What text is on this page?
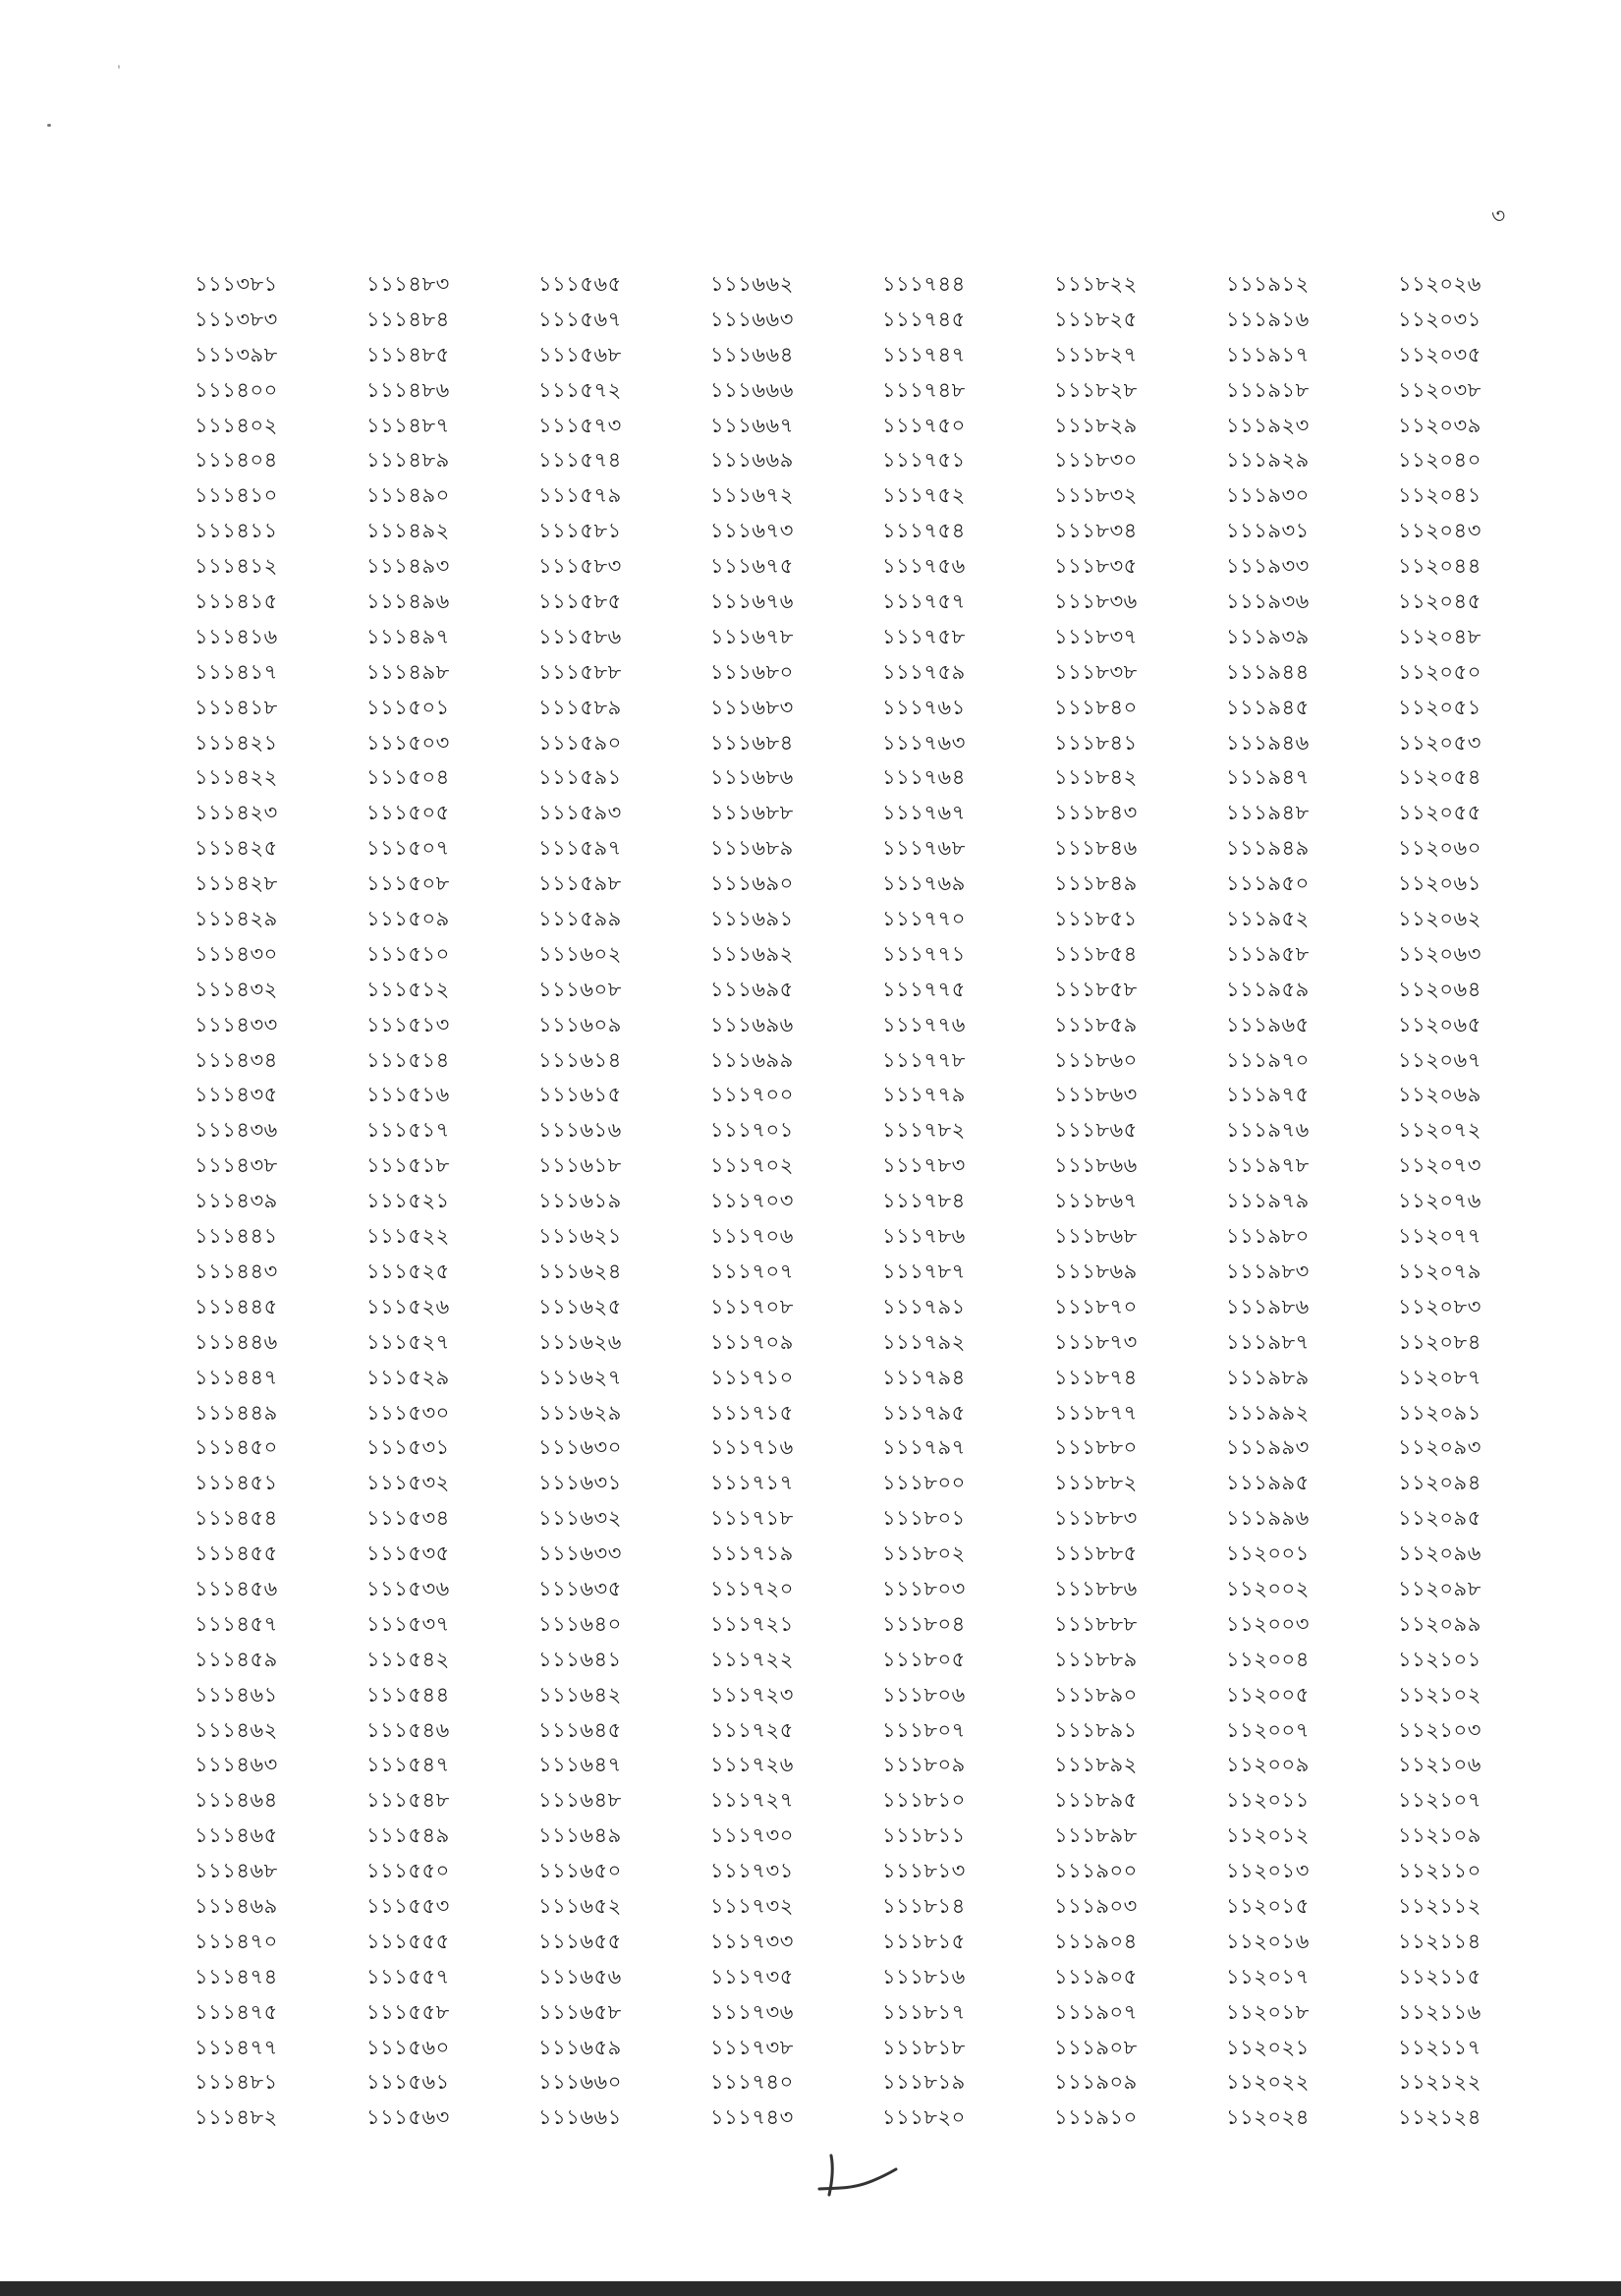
৩
১১১৩৮১
১১১৩৮৩
১১১৩৯৮
১১১৪০০
১১১৪০২
১১১৪০৪
১১১৪১০
১১১৪১১
১১১৪১২
১১১৪১৫
১১১৪১৬
১১১৪১৭
১১১৪১৮
১১১৪২১
১১১৪২২
১১১৪২৩
১১১৪২৫
১১১৪২৮
১১১৪২৯
১১১৪৩০
১১১৪৩২
১১১৪৩৩
১১১৪৩৪
১১১৪৩৫
১১১৪৩৬
১১১৪৩৮
১১১৪৩৯
১১১৪৪১
১১১৪৪৩
১১১৪৪৫
১১১৪৪৬
১১১৪৪৭
১১১৪৪৯
১১১৪৫০
১১১৪৫১
১১১৪৫৪
১১১৪৫৫
১১১৪৫৬
১১১৪৫৭
১১১৪৫৯
১১১৪৬১
১১১৪৬২
১১১৪৬৩
১১১৪৬৪
১১১৪৬৫
১১১৪৬৮
১১১৪৬৯
১১১৪৭০
১১১৪৭৪
১১১৪৭৫
১১১৪৭৭
১১১৪৮১
১১১৪৮২
১১১৪৮৩
১১১৪৮৪
১১১৪৮৫
১১১৪৮৬
১১১৪৮৭
১১১৪৮৯
১১১৪৯০
১১১৪৯২
১১১৪৯৩
১১১৪৯৬
১১১৪৯৭
১১১৪৯৮
১১১৫০১
১১১৫০৩
১১১৫০৪
১১১৫০৫
১১১৫০৭
১১১৫০৮
১১১৫০৯
১১১৫১০
১১১৫১২
১১১৫১৩
১১১৫১৪
১১১৫১৬
১১১৫১৭
১১১৫১৮
১১১৫২১
১১১৫২২
১১১৫২৫
১১১৫২৬
১১১৫২৭
১১১৫২৯
১১১৫৩০
১১১৫৩১
১১১৫৩২
১১১৫৩৪
১১১৫৩৫
১১১৫৩৬
১১১৫৩৭
১১১৫৪২
১১১৫৪৪
১১১৫৪৬
১১১৫৪৭
১১১৫৪৮
১১১৫৪৯
১১১৫৫০
১১১৫৫৩
১১১৫৫৫
১১১৫৫৭
১১১৫৫৮
১১১৫৬০
১১১৫৬১
১১১৫৬৩
১১১৫৬৫
১১১৫৬৭
১১১৫৬৮
১১১৫৭২
১১১৫৭৩
১১১৫৭৪
১১১৫৭৯
১১১৫৮১
১১১৫৮৩
১১১৫৮৫
১১১৫৮৬
১১১৫৮৮
১১১৫৮৯
১১১৫৯০
১১১৫৯১
১১১৫৯৩
১১১৫৯৭
১১১৫৯৮
১১১৫৯৯
১১১৬০২
১১১৬০৮
১১১৬০৯
১১১৬১৪
১১১৬১৫
১১১৬১৬
১১১৬১৮
১১১৬১৯
১১১৬২১
১১১৬২৪
১১১৬২৫
১১১৬২৬
১১১৬২৭
১১১৬২৯
১১১৬৩০
১১১৬৩১
১১১৬৩২
১১১৬৩৩
১১১৬৩৫
১১১৬৪০
১১১৬৪১
১১১৬৪২
১১১৬৪৫
১১১৬৪৭
১১১৬৪৮
১১১৬৪৯
১১১৬৫০
১১১৬৫২
১১১৬৫৫
১১১৬৫৬
১১১৬৫৮
১১১৬৫৯
১১১৬৬০
১১১৬৬১
১১১৬৬২
১১১৬৬৩
১১১৬৬৪
১১১৬৬৬
১১১৬৬৭
১১১৬৬৯
১১১৬৭২
১১১৬৭৩
১১১৬৭৫
১১১৬৭৬
১১১৬৭৮
১১১৬৮০
১১১৬৮৩
১১১৬৮৪
১১১৬৮৬
১১১৬৮৮
১১১৬৮৯
১১১৬৯০
১১১৬৯১
১১১৬৯২
১১১৬৯৫
১১১৬৯৬
১১১৬৯৯
১১১৭০০
১১১৭০১
১১১৭০২
১১১৭০৩
১১১৭০৬
১১১৭০৭
১১১৭০৮
১১১৭০৯
১১১৭১০
১১১৭১৫
১১১৭১৬
১১১৭১৭
১১১৭১৮
১১১৭১৯
১১১৭২০
১১১৭২১
১১১৭২২
১১১৭২৩
১১১৭২৫
১১১৭২৬
১১১৭২৭
১১১৭৩০
১১১৭৩১
১১১৭৩২
১১১৭৩৩
১১১৭৩৫
১১১৭৩৬
১১১৭৩৮
১১১৭৪০
১১১৭৪৩
১১১৭৪৪
১১১৭৪৫
১১১৭৪৭
১১১৭৪৮
১১১৭৫০
১১১৭৫১
১১১৭৫২
১১১৭৫৪
১১১৭৫৬
১১১৭৫৭
১১১৭৫৮
১১১৭৫৯
১১১৭৬১
১১১৭৬৩
১১১৭৬৪
১১১৭৬৭
১১১৭৬৮
১১১৭৬৯
১১১৭৭০
১১১৭৭১
১১১৭৭৫
১১১৭৭৬
১১১৭৭৮
১১১৭৭৯
১১১৭৮২
১১১৭৮৩
১১১৭৮৪
১১১৭৮৬
১১১৭৮৭
১১১৭৯১
১১১৭৯২
১১১৭৯৪
১১১৭৯৫
১১১৭৯৭
১১১৮০০
১১১৮০১
১১১৮০২
১১১৮০৩
১১১৮০৪
১১১৮০৫
১১১৮০৬
১১১৮০৭
১১১৮০৯
১১১৮১০
১১১৮১১
১১১৮১৩
১১১৮১৪
১১১৮১৫
১১১৮১৬
১১১৮১৭
১১১৮১৮
১১১৮১৯
১১১৮২০
১১১৮২২
১১১৮২৫
১১১৮২৭
১১১৮২৮
১১১৮২৯
১১১৮৩০
১১১৮৩২
১১১৮৩৪
১১১৮৩৫
১১১৮৩৬
১১১৮৩৭
১১১৮৩৮
১১১৮৪০
১১১৮৪১
১১১৮৪২
১১১৮৪৩
১১১৮৪৬
১১১৮৪৯
১১১৮৫১
১১১৮৫৪
১১১৮৫৮
১১১৮৫৯
১১১৮৬০
১১১৮৬৩
১১১৮৬৫
১১১৮৬৬
১১১৮৬৭
১১১৮৬৮
১১১৮৬৯
১১১৮৭০
১১১৮৭৩
১১১৮৭৪
১১১৮৭৭
১১১৮৮০
১১১৮৮২
১১১৮৮৩
১১১৮৮৫
১১১৮৮৬
১১১৮৮৮
১১১৮৮৯
১১১৮৯০
১১১৮৯১
১১১৮৯২
১১১৮৯৫
১১১৮৯৮
১১১৯০০
১১১৯০৩
১১১৯০৪
১১১৯০৫
১১১৯০৭
১১১৯০৮
১১১৯০৯
১১১৯১০
১১১৯১২
১১১৯১৬
১১১৯১৭
১১১৯১৮
১১১৯২৩
১১১৯২৯
১১১৯৩০
১১১৯৩১
১১১৯৩৩
১১১৯৩৬
১১১৯৩৯
১১১৯৪৪
১১১৯৪৫
১১১৯৪৬
১১১৯৪৭
১১১৯৪৮
১১১৯৪৯
১১১৯৫০
১১১৯৫২
১১১৯৫৮
১১১৯৫৯
১১১৯৬৫
১১১৯৭০
১১১৯৭৫
১১১৯৭৬
১১১৯৭৮
১১১৯৭৯
১১১৯৮০
১১১৯৮৩
১১১৯৮৬
১১১৯৮৭
১১১৯৮৯
১১১৯৯২
১১১৯৯৩
১১১৯৯৫
১১১৯৯৬
১১২০০১
১১২০০২
১১২০০৩
১১২০০৪
১১২০০৫
১১২০০৭
১১২০০৯
১১২০১১
১১২০১২
১১২০১৩
১১২০১৫
১১২০১৬
১১২০১৭
১১২০১৮
১১২০২১
১১২০২২
১১২০২৪
১১২০২৬
১১২০৩১
১১২০৩৫
১১২০৩৮
১১২০৩৯
১১২০৪০
১১২০৪১
১১২০৪৩
১১২০৪৪
১১২০৪৫
১১২০৪৮
১১২০৫০
১১২০৫১
১১২০৫৩
১১২০৫৪
১১২০৫৫
১১২০৬০
১১২০৬১
১১২০৬২
১১২০৬৩
১১২০৬৪
১১২০৬৫
১১২০৬৭
১১২০৬৯
১১২০৭২
১১২০৭৩
১১২০৭৬
১১২০৭৭
১১২০৭৯
১১২০৮৩
১১২০৮৪
১১২০৮৭
১১২০৯১
১১২০৯৩
১১২০৯৪
১১২০৯৫
১১২০৯৬
১১২০৯৮
১১২০৯৯
১১২১০১
১১২১০২
১১২১০৩
১১২১০৬
১১২১০৭
১১২১০৯
১১২১১০
১১২১১২
১১২১১৪
১১২১১৫
১১২১১৬
১১২১১৭
১১২১২২
১১২১২৪
